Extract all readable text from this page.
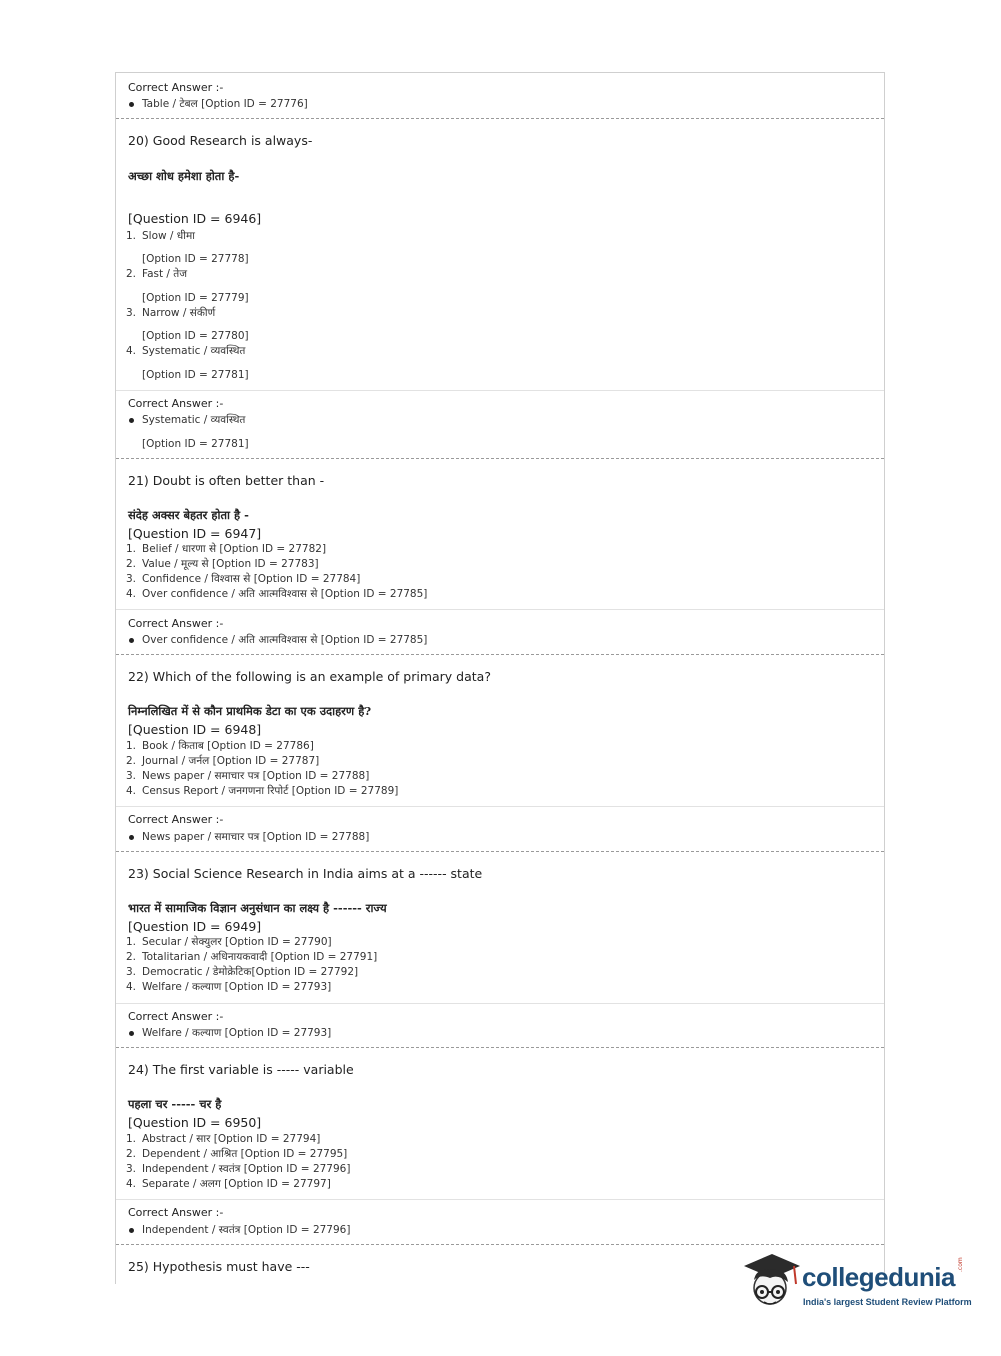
Correct Answer :-
Table / टेबल [Option ID = 27776]
20) Good Research is always-
अच्छा शोध हमेशा होता है-
[Question ID = 6946]
1. Slow / धीमा
[Option ID = 27778]
2. Fast / तेज
[Option ID = 27779]
3. Narrow / संकीर्ण
[Option ID = 27780]
4. Systematic / व्यवस्थित
[Option ID = 27781]
Correct Answer :-
Systematic / व्यवस्थित
[Option ID = 27781]
21) Doubt is often better than -
संदेह अक्सर बेहतर होता है -
[Question ID = 6947]
1. Belief / धारणा से [Option ID = 27782]
2. Value / मूल्य से [Option ID = 27783]
3. Confidence / विश्वास से [Option ID = 27784]
4. Over confidence / अति आत्मविश्वास से [Option ID = 27785]
Correct Answer :-
Over confidence / अति आत्मविश्वास से [Option ID = 27785]
22) Which of the following is an example of primary data?
निम्नलिखित में से कौन प्राथमिक डेटा का एक उदाहरण है?
[Question ID = 6948]
1. Book / किताब [Option ID = 27786]
2. Journal / जर्नल [Option ID = 27787]
3. News paper / समाचार पत्र [Option ID = 27788]
4. Census Report / जनगणना रिपोर्ट [Option ID = 27789]
Correct Answer :-
News paper / समाचार पत्र [Option ID = 27788]
23) Social Science Research in India aims at a ------ state
भारत में सामाजिक विज्ञान अनुसंधान का लक्ष्य है ------ राज्य
[Question ID = 6949]
1. Secular / सेक्युलर [Option ID = 27790]
2. Totalitarian / अधिनायकवादी [Option ID = 27791]
3. Democratic / डेमोक्रेटिक[Option ID = 27792]
4. Welfare / कल्याण [Option ID = 27793]
Correct Answer :-
Welfare / कल्याण [Option ID = 27793]
24) The first variable is ----- variable
पहला चर ----- चर है
[Question ID = 6950]
1. Abstract / सार [Option ID = 27794]
2. Dependent / आश्रित [Option ID = 27795]
3. Independent / स्वतंत्र [Option ID = 27796]
4. Separate / अलग [Option ID = 27797]
Correct Answer :-
Independent / स्वतंत्र [Option ID = 27796]
25) Hypothesis must have ---	collegedunia .com
India's largest Student Review Platform
